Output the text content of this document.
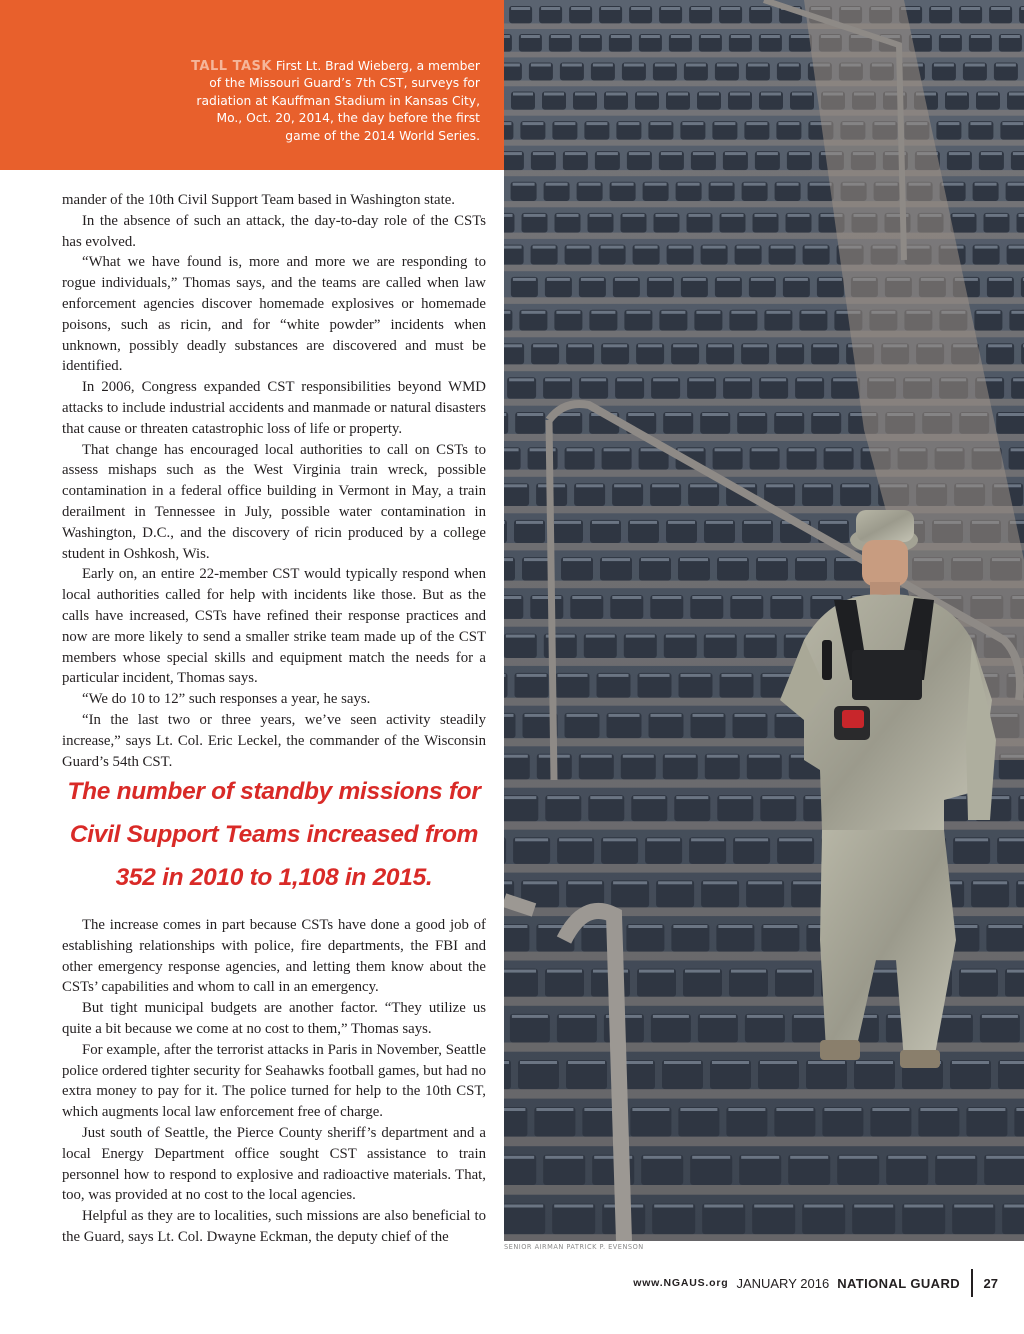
TALL TASK First Lt. Brad Wieberg, a member of the Missouri Guard’s 7th CST, surveys for radiation at Kauffman Stadium in Kansas City, Mo., Oct. 20, 2014, the day before the first game of the 2014 World Series.
SENIOR AIRMAN PATRICK P. EVENSON

mander of the 10th Civil Support Team based in Washington state.

In the absence of such an attack, the day-to-day role of the CSTs has evolved.

“What we have found is, more and more we are responding to rogue individuals,” Thomas says, and the teams are called when law enforcement agencies discover homemade explosives or homemade poisons, such as ricin, and for “white powder” incidents when unknown, possibly deadly substances are discovered and must be identified.

In 2006, Congress expanded CST responsibilities beyond WMD attacks to include industrial accidents and manmade or natural disasters that cause or threaten catastrophic loss of life or property.

That change has encouraged local authorities to call on CSTs to assess mishaps such as the West Virginia train wreck, possible contamination in a federal office building in Vermont in May, a train derailment in Tennessee in July, possible water contamination in Washington, D.C., and the discovery of ricin produced by a college student in Oshkosh, Wis.

Early on, an entire 22-member CST would typically respond when local authorities called for help with incidents like those. But as the calls have increased, CSTs have refined their response practices and now are more likely to send a smaller strike team made up of the CST members whose special skills and equipment match the needs for a particular incident, Thomas says.

“We do 10 to 12” such responses a year, he says.

“In the last two or three years, we’ve seen activity steadily increase,” says Lt. Col. Eric Leckel, the commander of the Wisconsin Guard’s 54th CST.

The number of standby missions for Civil Support Teams increased from 352 in 2010 to 1,108 in 2015.

The increase comes in part because CSTs have done a good job of establishing relationships with police, fire departments, the FBI and other emergency response agencies, and letting them know about the CSTs’ capabilities and whom to call in an emergency.

But tight municipal budgets are another factor. “They utilize us quite a bit because we come at no cost to them,” Thomas says.

For example, after the terrorist attacks in Paris in November, Seattle police ordered tighter security for Seahawks football games, but had no extra money to pay for it. The police turned for help to the 10th CST, which augments local law enforcement free of charge.

Just south of Seattle, the Pierce County sheriff’s department and a local Energy Department office sought CST assistance to train personnel how to respond to explosive and radioactive materials. That, too, was provided at no cost to the local agencies.

Helpful as they are to localities, such missions are also beneficial to the Guard, says Lt. Col. Dwayne Eckman, the deputy chief of the

www.NGAUS.org JANUARY 2016 NATIONAL GUARD 27
